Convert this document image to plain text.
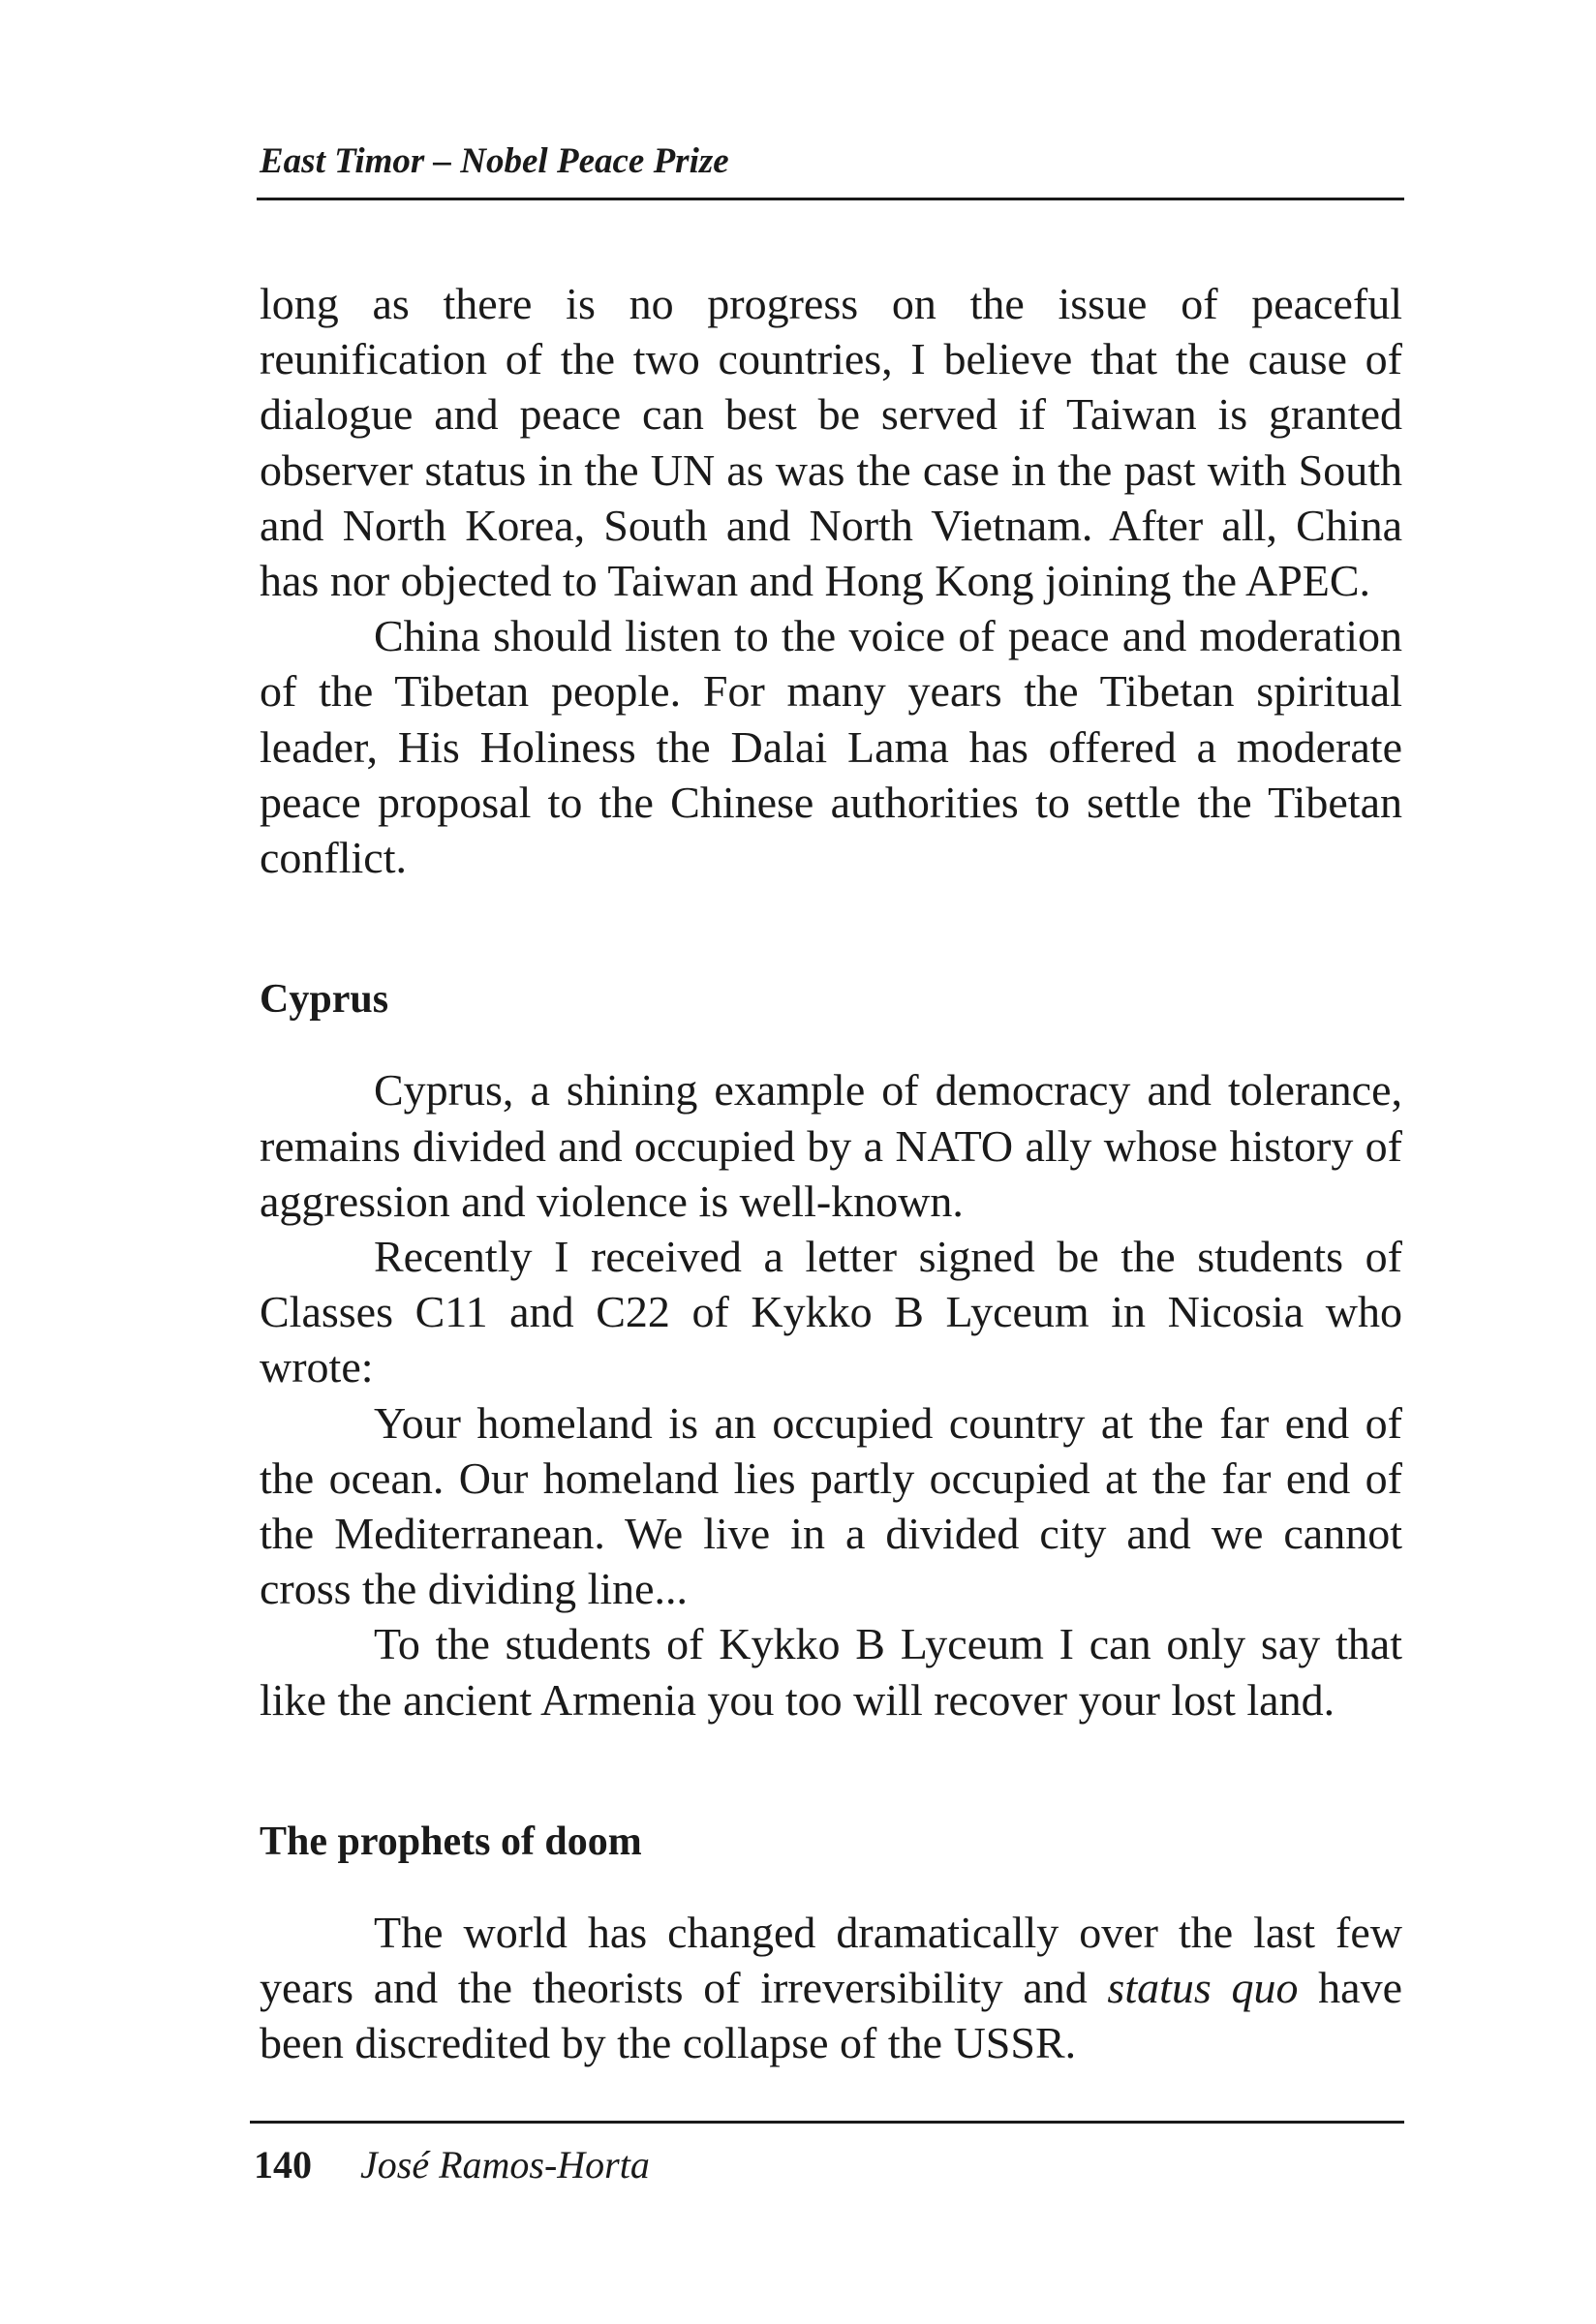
East Timor – Nobel Peace Prize

long as there is no progress on the issue of peaceful reunification of the two countries, I believe that the cause of dialogue and peace can best be served if Taiwan is granted observer status in the UN as was the case in the past with South and North Korea, South and North Vietnam. After all, China has nor objected to Taiwan and Hong Kong joining the APEC.

China should listen to the voice of peace and moderation of the Tibetan people. For many years the Tibetan spiritual leader, His Holiness the Dalai Lama has offered a moderate peace proposal to the Chinese authorities to settle the Tibetan conflict.

Cyprus

Cyprus, a shining example of democracy and tolerance, remains divided and occupied by a NATO ally whose history of aggression and violence is well-known.

Recently I received a letter signed be the students of Classes C11 and C22 of Kykko B Lyceum in Nicosia who wrote:

Your homeland is an occupied country at the far end of the ocean. Our homeland lies partly occupied at the far end of the Mediterranean. We live in a divided city and we cannot cross the dividing line...

To the students of Kykko B Lyceum I can only say that like the ancient Armenia you too will recover your lost land.

The prophets of doom

The world has changed dramatically over the last few years and the theorists of irreversibility and status quo have been discredited by the collapse of the USSR.

140 José Ramos-Horta
